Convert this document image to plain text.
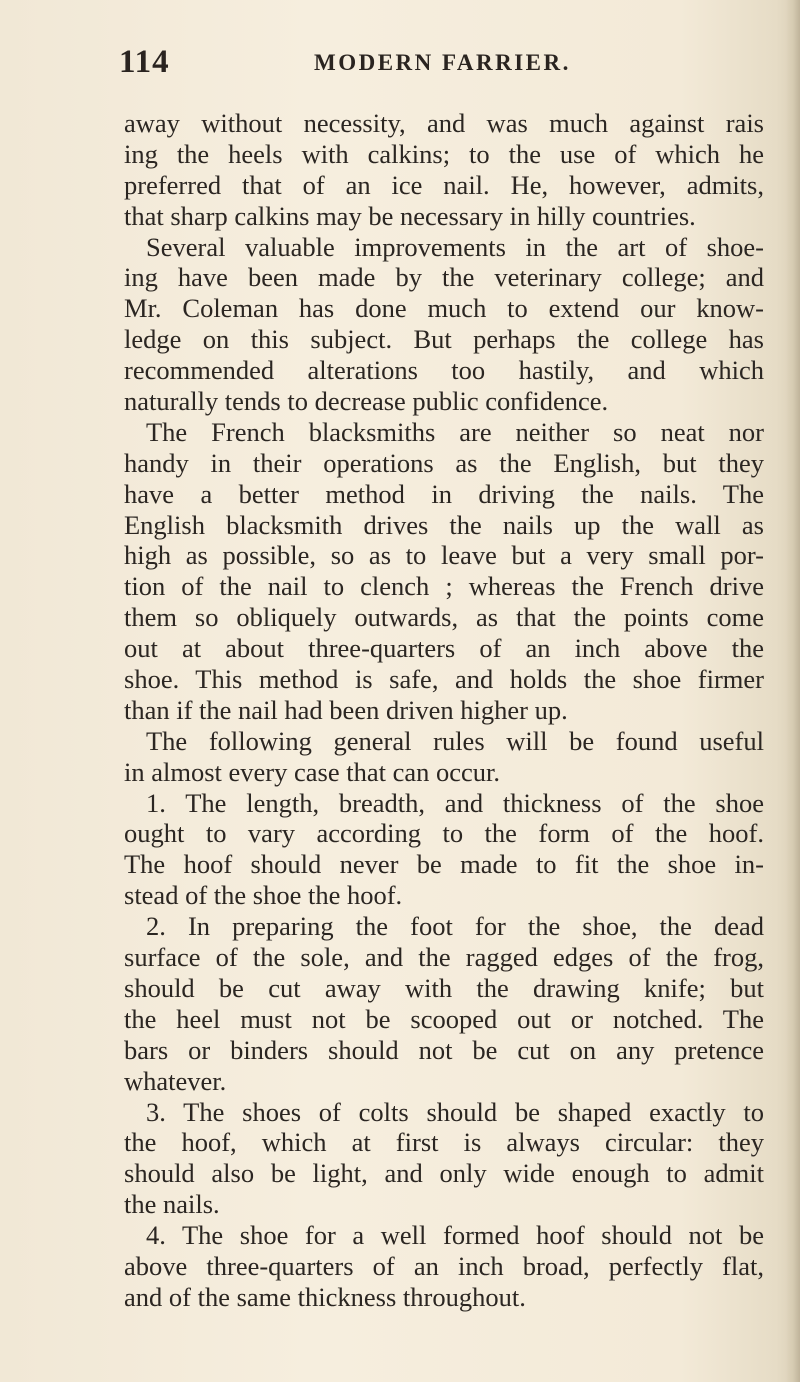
114	MODERN FARRIER.
away without necessity, and was much against rais
ing the heels with calkins; to the use of which he
preferred that of an ice nail. He, however, admits,
that sharp calkins may be necessary in hilly countries.
Several valuable improvements in the art of shoe-
ing have been made by the veterinary college; and
Mr. Coleman has done much to extend our know-
ledge on this subject. But perhaps the college has
recommended alterations too hastily, and which
naturally tends to decrease public confidence.
The French blacksmiths are neither so neat nor
handy in their operations as the English, but they
have a better method in driving the nails. The
English blacksmith drives the nails up the wall as
high as possible, so as to leave but a very small por-
tion of the nail to clench ; whereas the French drive
them so obliquely outwards, as that the points come
out at about three-quarters of an inch above the
shoe. This method is safe, and holds the shoe firmer
than if the nail had been driven higher up.
The following general rules will be found useful
in almost every case that can occur.
1. The length, breadth, and thickness of the shoe
ought to vary according to the form of the hoof.
The hoof should never be made to fit the shoe in-
stead of the shoe the hoof.
2. In preparing the foot for the shoe, the dead
surface of the sole, and the ragged edges of the frog,
should be cut away with the drawing knife; but
the heel must not be scooped out or notched. The
bars or binders should not be cut on any pretence
whatever.
3. The shoes of colts should be shaped exactly to
the hoof, which at first is always circular: they
should also be light, and only wide enough to admit
the nails.
4. The shoe for a well formed hoof should not be
above three-quarters of an inch broad, perfectly flat,
and of the same thickness throughout.
